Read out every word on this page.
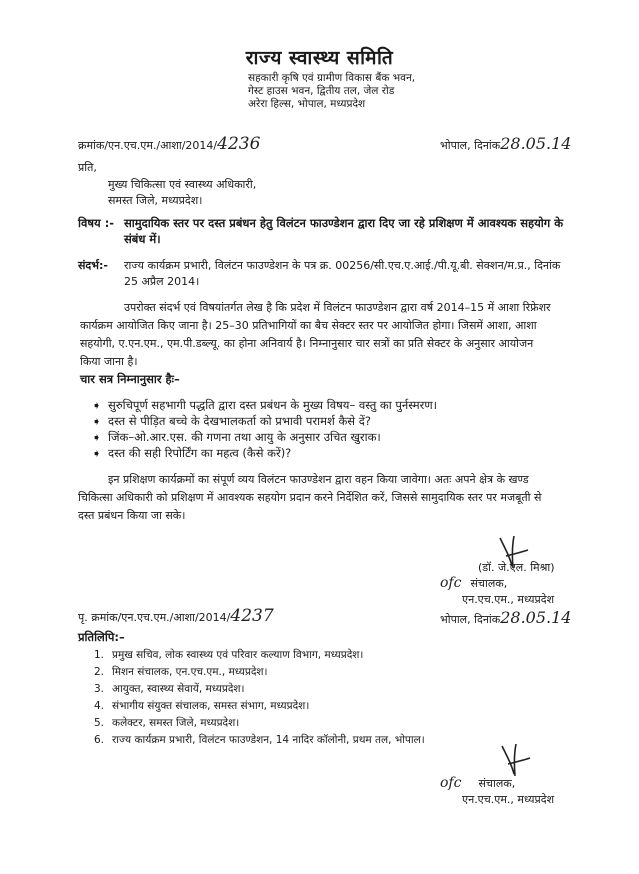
राज्य स्वास्थ्य समिति
सहकारी कृषि एवं ग्रामीण विकास बैंक भवन,
गेस्ट हाउस भवन, द्वितीय तल, जेल रोड
अरेरा हिल्स, भोपाल, मध्यप्रदेश
क्रमांक/एन.एच.एम./आशा/2014/4236	भोपाल, दिनांक28.05.14
प्रति,
मुख्य चिकित्सा एवं स्वास्थ्य अधिकारी,
समस्त जिले, मध्यप्रदेश।
विषय :- सामुदायिक स्तर पर दस्त प्रबंधन हेतु विलंटन फाउण्डेशन द्वारा दिए जा रहे प्रशिक्षण में आवश्यक सहयोग के
संबंध में।
संदर्भ:- राज्य कार्यक्रम प्रभारी, विलंटन फाउण्डेशन के पत्र क्र. 00256/सी.एच.ए.आई./पी.यू.बी. सेक्शन/म.प्र., दिनांक
25 अप्रैल 2014।
उपरोक्त संदर्भ एवं विषयांतर्गत लेख है कि प्रदेश में विलंटन फाउण्डेशन द्वारा वर्ष 2014–15 में आशा रिफ्रेशर
कार्यक्रम आयोजित किए जाना है। 25–30 प्रतिभागियों का बैच सेक्टर स्तर पर आयोजित होगा। जिसमें आशा, आशा
सहयोगी, ए.एन.एम., एम.पी.डब्ल्यू. का होना अनिवार्य है। निम्नानुसार चार सत्रों का प्रति सेक्टर के अनुसार आयोजन
किया जाना है।
चार सत्र निम्नानुसार हैः–
➧ सुरुचिपूर्ण सहभागी पद्धति द्वारा दस्त प्रबंधन के मुख्य विषय– वस्तु का पुर्नस्मरण।
➧ दस्त से पीड़ित बच्चे के देखभालकर्ता को प्रभावी परामर्श कैसे दें?
➧ जिंक–ओ.आर.एस. की गणना तथा आयु के अनुसार उचित खुराक।
➧ दस्त की सही रिपोर्टिंग का महत्व (कैसे करें)?
इन प्रशिक्षण कार्यक्रमों का संपूर्ण व्यय विलंटन फाउण्डेशन द्वारा वहन किया जावेगा। अतः अपने क्षेत्र के खण्ड
चिकित्सा अधिकारी को प्रशिक्षण में आवश्यक सहयोग प्रदान करने निर्देशित करें, जिससे सामुदायिक स्तर पर मजबूती से
दस्त प्रबंधन किया जा सके।
(डॉ. जे.एल. मिश्रा)
ofc संचालक,
एन.एच.एम., मध्यप्रदेश
पृ. क्रमांक/एन.एच.एम./आशा/2014/4237	भोपाल, दिनांक28.05.14
प्रतिलिपि:–
1. प्रमुख सचिव, लोक स्वास्थ्य एवं परिवार कल्याण विभाग, मध्यप्रदेश।
2. मिशन संचालक, एन.एच.एम., मध्यप्रदेश।
3. आयुक्त, स्वास्थ्य सेवायें, मध्यप्रदेश।
4. संभागीय संयुक्त संचालक, समस्त संभाग, मध्यप्रदेश।
5. कलेक्टर, समस्त जिले, मध्यप्रदेश।
6. राज्य कार्यक्रम प्रभारी, विलंटन फाउण्डेशन, 14 नादिर कॉलोनी, प्रथम तल, भोपाल।
ofc संचालक,
एन.एच.एम., मध्यप्रदेश
